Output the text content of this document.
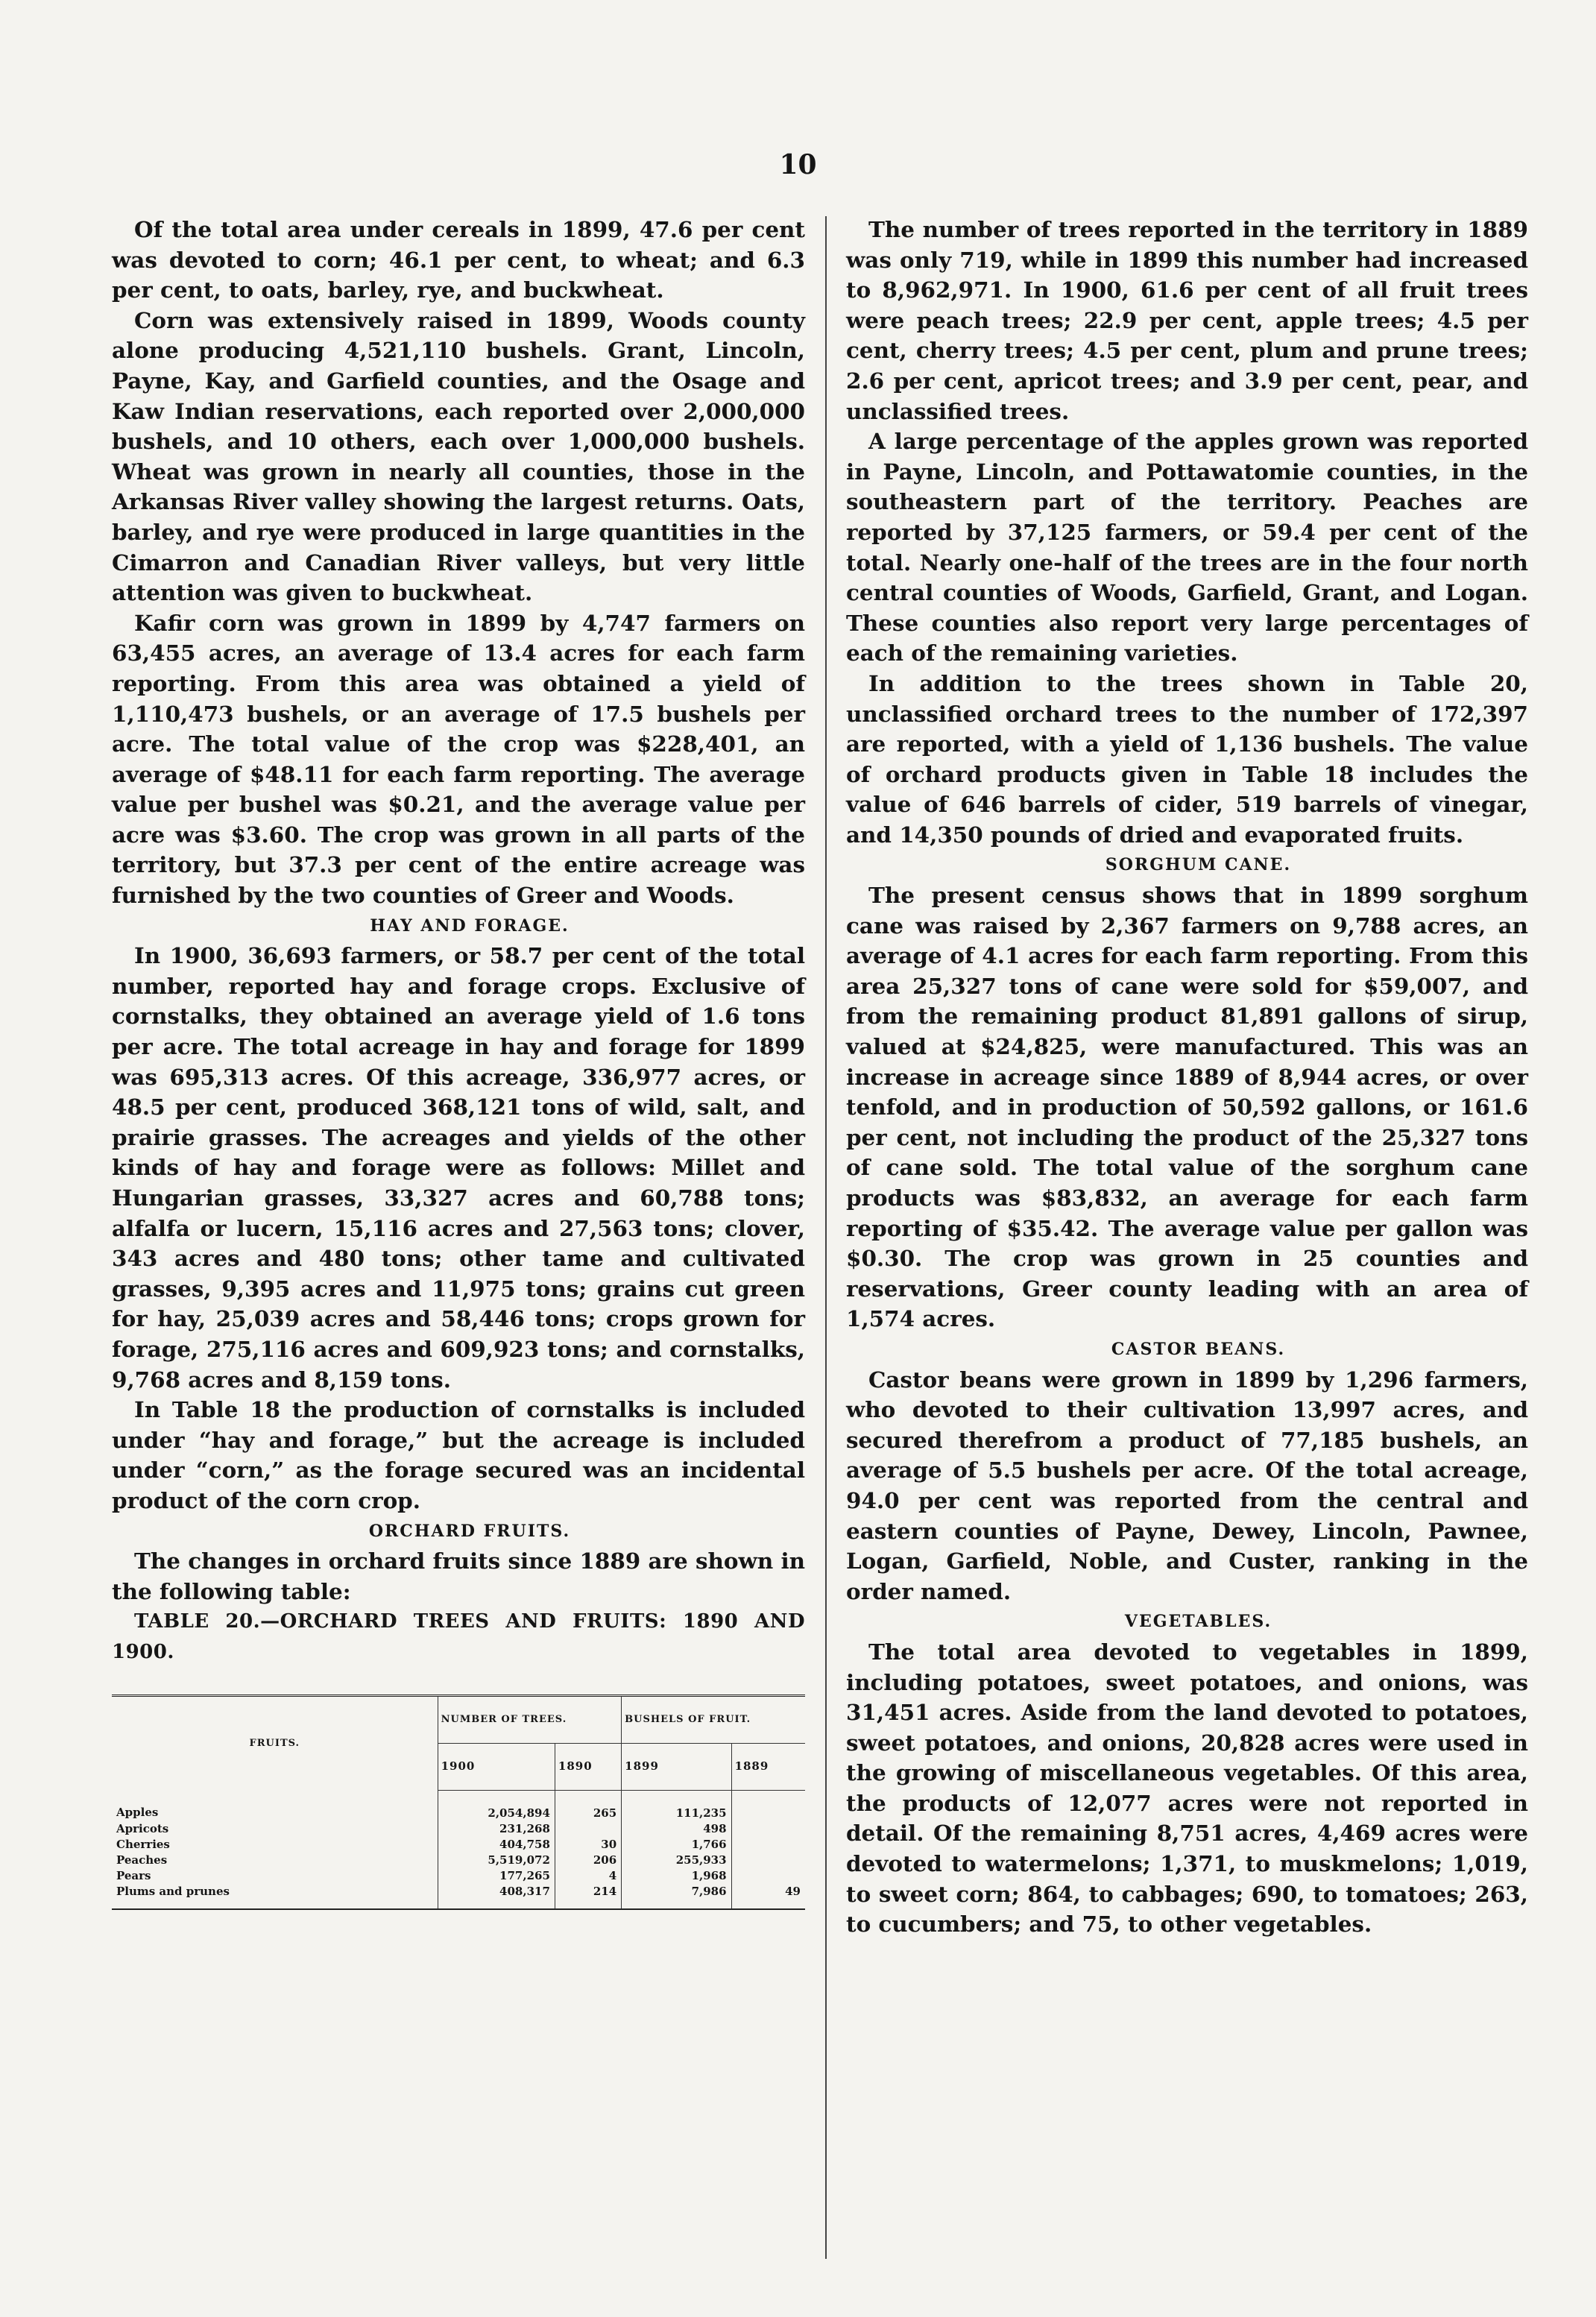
10

Of the total area under cereals in 1899, 47.6 per cent was devoted to corn; 46.1 per cent, to wheat; and 6.3 per cent, to oats, barley, rye, and buckwheat.

Corn was extensively raised in 1899, Woods county alone producing 4,521,110 bushels. Grant, Lincoln, Payne, Kay, and Garfield counties, and the Osage and Kaw Indian reservations, each reported over 2,000,000 bushels, and 10 others, each over 1,000,000 bushels. Wheat was grown in nearly all counties, those in the Arkansas River valley showing the largest returns. Oats, barley, and rye were produced in large quantities in the Cimarron and Canadian River valleys, but very little attention was given to buckwheat.

Kafir corn was grown in 1899 by 4,747 farmers on 63,455 acres, an average of 13.4 acres for each farm reporting. From this area was obtained a yield of 1,110,473 bushels, or an average of 17.5 bushels per acre. The total value of the crop was $228,401, an average of $48.11 for each farm reporting. The average value per bushel was $0.21, and the average value per acre was $3.60. The crop was grown in all parts of the territory, but 37.3 per cent of the entire acreage was furnished by the two counties of Greer and Woods.

HAY AND FORAGE.

In 1900, 36,693 farmers, or 58.7 per cent of the total number, reported hay and forage crops. Exclusive of cornstalks, they obtained an average yield of 1.6 tons per acre. The total acreage in hay and forage for 1899 was 695,313 acres. Of this acreage, 336,977 acres, or 48.5 per cent, produced 368,121 tons of wild, salt, and prairie grasses. The acreages and yields of the other kinds of hay and forage were as follows: Millet and Hungarian grasses, 33,327 acres and 60,788 tons; alfalfa or lucern, 15,116 acres and 27,563 tons; clover, 343 acres and 480 tons; other tame and cultivated grasses, 9,395 acres and 11,975 tons; grains cut green for hay, 25,039 acres and 58,446 tons; crops grown for forage, 275,116 acres and 609,923 tons; and cornstalks, 9,768 acres and 8,159 tons.

In Table 18 the production of cornstalks is included under “hay and forage,” but the acreage is included under “corn,” as the forage secured was an incidental product of the corn crop.

ORCHARD FRUITS.

The changes in orchard fruits since 1889 are shown in the following table:

TABLE 20.—ORCHARD TREES AND FRUITS: 1890 AND 1900.

FRUITS.	NUMBER OF TREES.		BUSHELS OF FRUIT.	
	1900	1890	1899	1889
Apples	2,054,894	265	111,235	
Apricots	231,268		498	
Cherries	404,758	30	1,766	
Peaches	5,519,072	206	255,933	
Pears	177,265	4	1,968	
Plums and prunes	408,317	214	7,986	49

The number of trees reported in the territory in 1889 was only 719, while in 1899 this number had increased to 8,962,971. In 1900, 61.6 per cent of all fruit trees were peach trees; 22.9 per cent, apple trees; 4.5 per cent, cherry trees; 4.5 per cent, plum and prune trees; 2.6 per cent, apricot trees; and 3.9 per cent, pear, and unclassified trees.

A large percentage of the apples grown was reported in Payne, Lincoln, and Pottawatomie counties, in the southeastern part of the territory. Peaches are reported by 37,125 farmers, or 59.4 per cent of the total. Nearly one-half of the trees are in the four north central counties of Woods, Garfield, Grant, and Logan. These counties also report very large percentages of each of the remaining varieties.

In addition to the trees shown in Table 20, unclassified orchard trees to the number of 172,397 are reported, with a yield of 1,136 bushels. The value of orchard products given in Table 18 includes the value of 646 barrels of cider, 519 barrels of vinegar, and 14,350 pounds of dried and evaporated fruits.

SORGHUM CANE.

The present census shows that in 1899 sorghum cane was raised by 2,367 farmers on 9,788 acres, an average of 4.1 acres for each farm reporting. From this area 25,327 tons of cane were sold for $59,007, and from the remaining product 81,891 gallons of sirup, valued at $24,825, were manufactured. This was an increase in acreage since 1889 of 8,944 acres, or over tenfold, and in production of 50,592 gallons, or 161.6 per cent, not including the product of the 25,327 tons of cane sold. The total value of the sorghum cane products was $83,832, an average for each farm reporting of $35.42. The average value per gallon was $0.30. The crop was grown in 25 counties and reservations, Greer county leading with an area of 1,574 acres.

CASTOR BEANS.

Castor beans were grown in 1899 by 1,296 farmers, who devoted to their cultivation 13,997 acres, and secured therefrom a product of 77,185 bushels, an average of 5.5 bushels per acre. Of the total acreage, 94.0 per cent was reported from the central and eastern counties of Payne, Dewey, Lincoln, Pawnee, Logan, Garfield, Noble, and Custer, ranking in the order named.

VEGETABLES.

The total area devoted to vegetables in 1899, including potatoes, sweet potatoes, and onions, was 31,451 acres. Aside from the land devoted to potatoes, sweet potatoes, and onions, 20,828 acres were used in the growing of miscellaneous vegetables. Of this area, the products of 12,077 acres were not reported in detail. Of the remaining 8,751 acres, 4,469 acres were devoted to watermelons; 1,371, to muskmelons; 1,019, to sweet corn; 864, to cabbages; 690, to tomatoes; 263, to cucumbers; and 75, to other vegetables.
